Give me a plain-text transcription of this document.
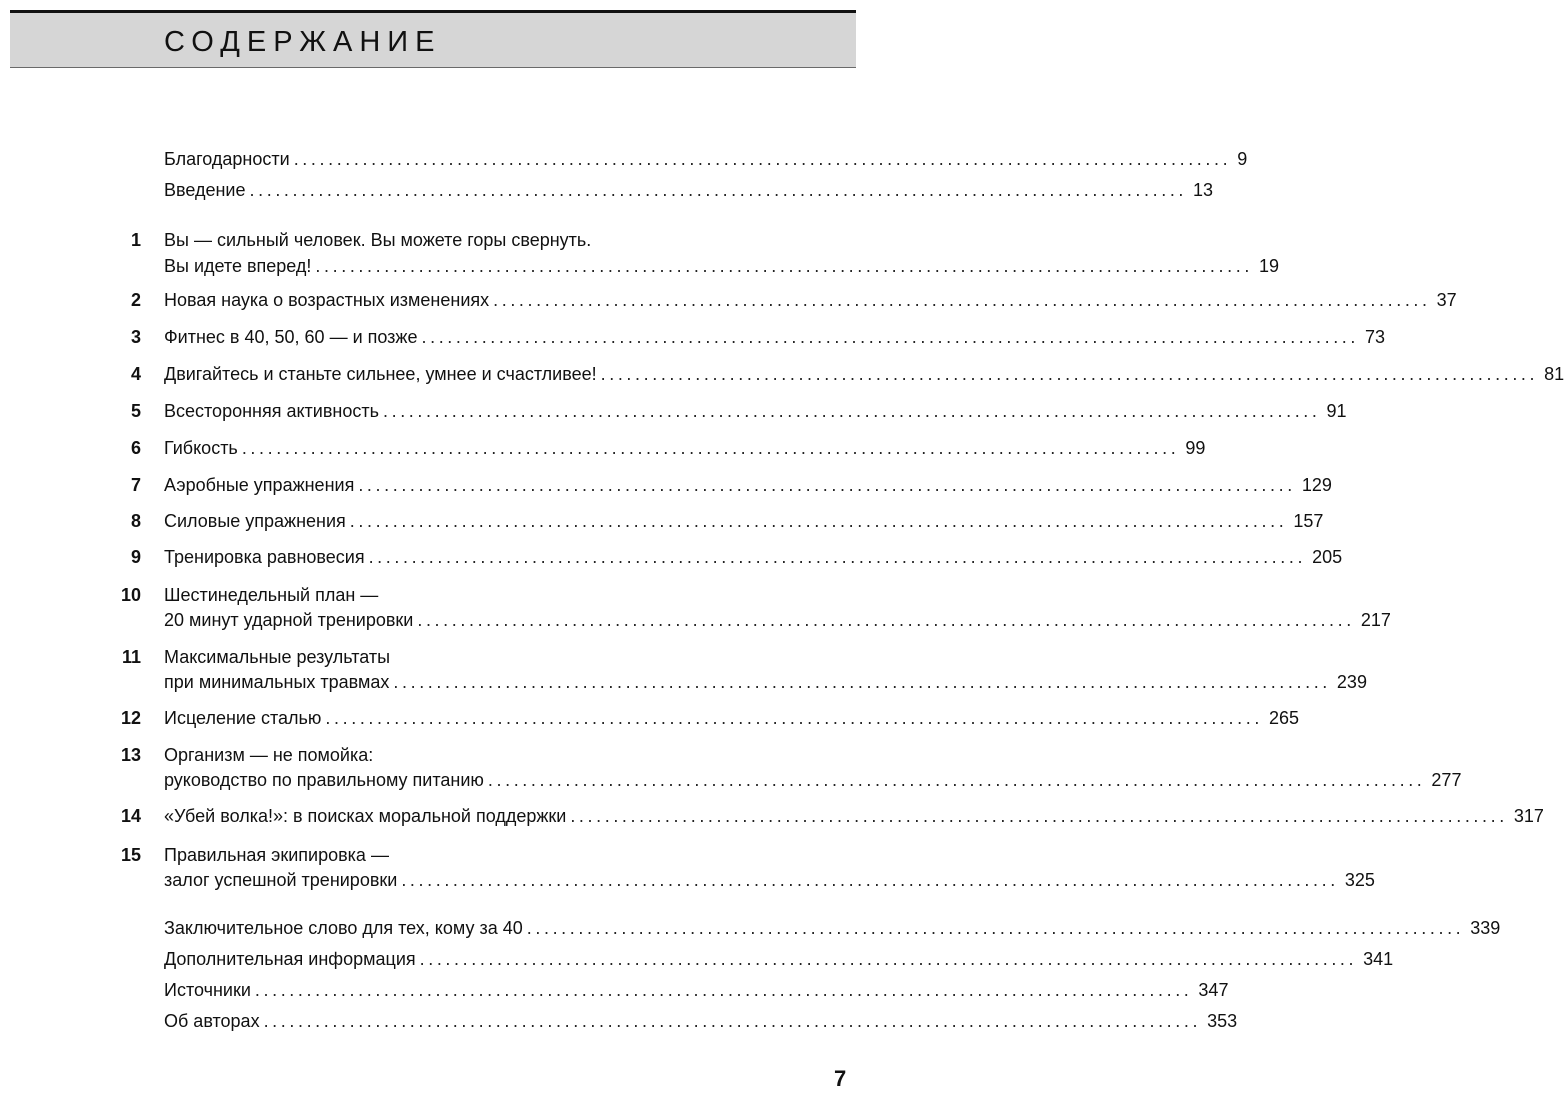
СОДЕРЖАНИЕ
Благодарности ............................................................................................................. 9
Введение ............................................................................................................. 13
1 Вы — сильный человек. Вы можете горы свернуть.
Вы идете вперед! ............................................................................................................. 19
2 Новая наука о возрастных изменениях ............................................................................................................. 37
3 Фитнес в 40, 50, 60 — и позже ............................................................................................................. 73
4 Двигайтесь и станьте сильнее, умнее и счастливее! ............................................................................................................. 81
5 Всесторонняя активность ............................................................................................................. 91
6 Гибкость ............................................................................................................. 99
7 Аэробные упражнения ............................................................................................................. 129
8 Силовые упражнения ............................................................................................................. 157
9 Тренировка равновесия ............................................................................................................. 205
10 Шестинедельный план —
20 минут ударной тренировки ............................................................................................................. 217
11 Максимальные результаты
при минимальных травмах ............................................................................................................. 239
12 Исцеление сталью ............................................................................................................. 265
13 Организм — не помойка:
руководство по правильному питанию ............................................................................................................. 277
14 «Убей волка!»: в поисках моральной поддержки ............................................................................................................. 317
15 Правильная экипировка —
залог успешной тренировки ............................................................................................................. 325
Заключительное слово для тех, кому за 40 ............................................................................................................. 339
Дополнительная информация ............................................................................................................. 341
Источники ............................................................................................................. 347
Об авторах ............................................................................................................. 353
7
